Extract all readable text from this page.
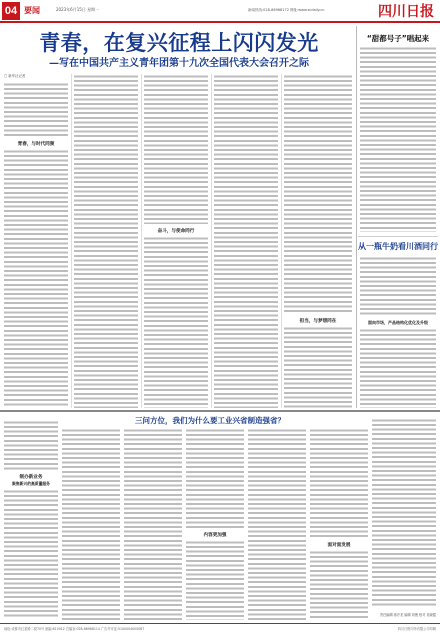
04 要闻	2023年6月15日 星期一	新闻热线:028-86968172 网址:www.scdaily.cn	四川日报
青春，在复兴征程上闪闪发光
—写在中国共产主义青年团第十九次全国代表大会召开之际
□ 新华社记者
青春，与时代同频
奋斗，与使命同行
担当，与梦想同在
“甜都号子”唱起来
从一瓶牛奶看川酒同行
面向市场，产品结构化优化及升级
三问方位，我们为什么要工业兴省制造强省？
制办新业务
聚焦新兴的高质量服务
内容更加强
面对面发展
责任编辑 蒋开龙 编辑 刘俊 校对 吴晓霞
地址:成都市红星路二段70号 邮编:610012 总编室:028-86968114 广告许可证:5100004000087	四川日报印务有限公司印刷
